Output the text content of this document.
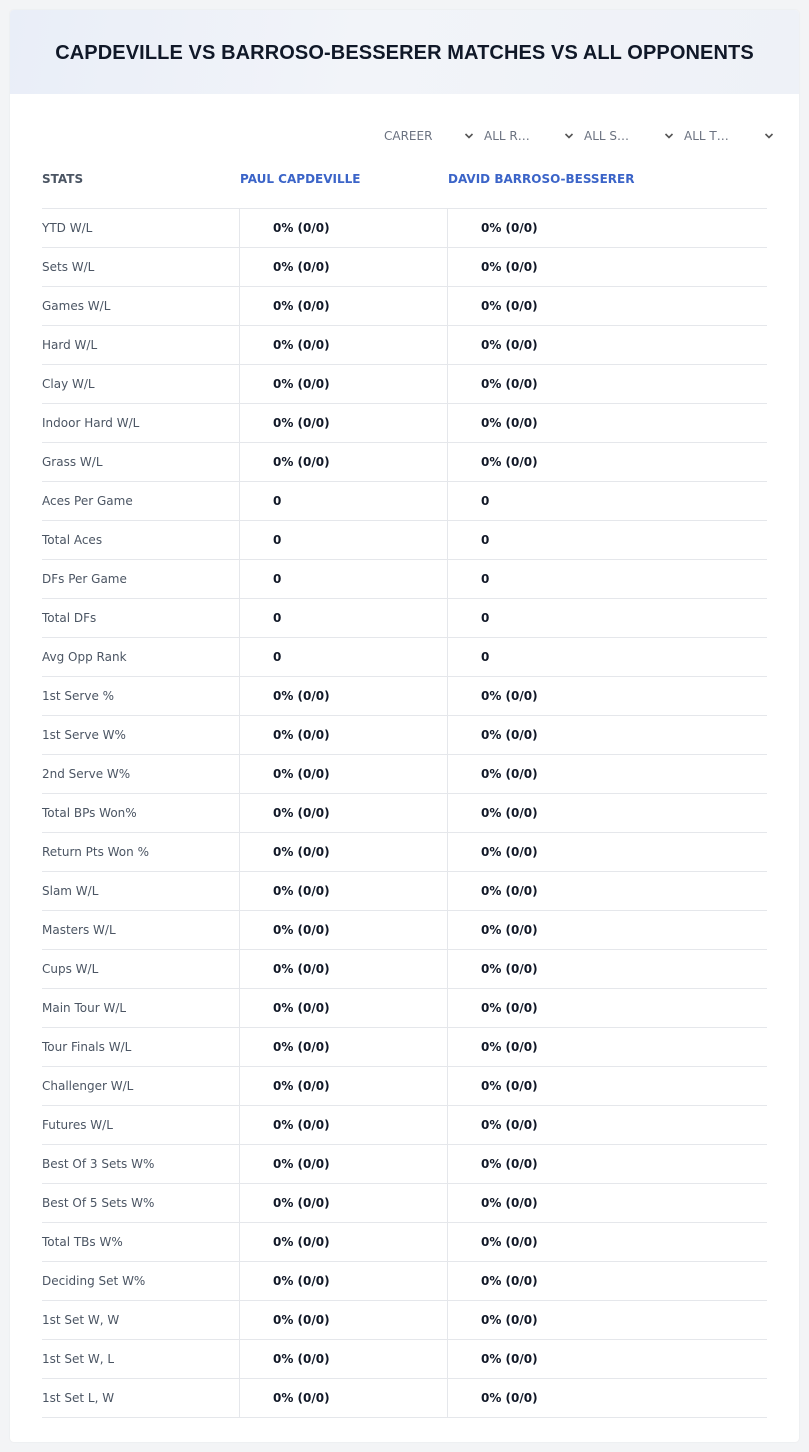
CAPDEVILLE VS BARROSO-BESSERER MATCHES VS ALL OPPONENTS
CAREER	ALL R…	ALL S…	ALL T…
STATS	PAUL CAPDEVILLE	DAVID BARROSO-BESSERER
YTD W/L	0% (0/0)	0% (0/0)
Sets W/L	0% (0/0)	0% (0/0)
Games W/L	0% (0/0)	0% (0/0)
Hard W/L	0% (0/0)	0% (0/0)
Clay W/L	0% (0/0)	0% (0/0)
Indoor Hard W/L	0% (0/0)	0% (0/0)
Grass W/L	0% (0/0)	0% (0/0)
Aces Per Game	0	0
Total Aces	0	0
DFs Per Game	0	0
Total DFs	0	0
Avg Opp Rank	0	0
1st Serve %	0% (0/0)	0% (0/0)
1st Serve W%	0% (0/0)	0% (0/0)
2nd Serve W%	0% (0/0)	0% (0/0)
Total BPs Won%	0% (0/0)	0% (0/0)
Return Pts Won %	0% (0/0)	0% (0/0)
Slam W/L	0% (0/0)	0% (0/0)
Masters W/L	0% (0/0)	0% (0/0)
Cups W/L	0% (0/0)	0% (0/0)
Main Tour W/L	0% (0/0)	0% (0/0)
Tour Finals W/L	0% (0/0)	0% (0/0)
Challenger W/L	0% (0/0)	0% (0/0)
Futures W/L	0% (0/0)	0% (0/0)
Best Of 3 Sets W%	0% (0/0)	0% (0/0)
Best Of 5 Sets W%	0% (0/0)	0% (0/0)
Total TBs W%	0% (0/0)	0% (0/0)
Deciding Set W%	0% (0/0)	0% (0/0)
1st Set W, W	0% (0/0)	0% (0/0)
1st Set W, L	0% (0/0)	0% (0/0)
1st Set L, W	0% (0/0)	0% (0/0)
